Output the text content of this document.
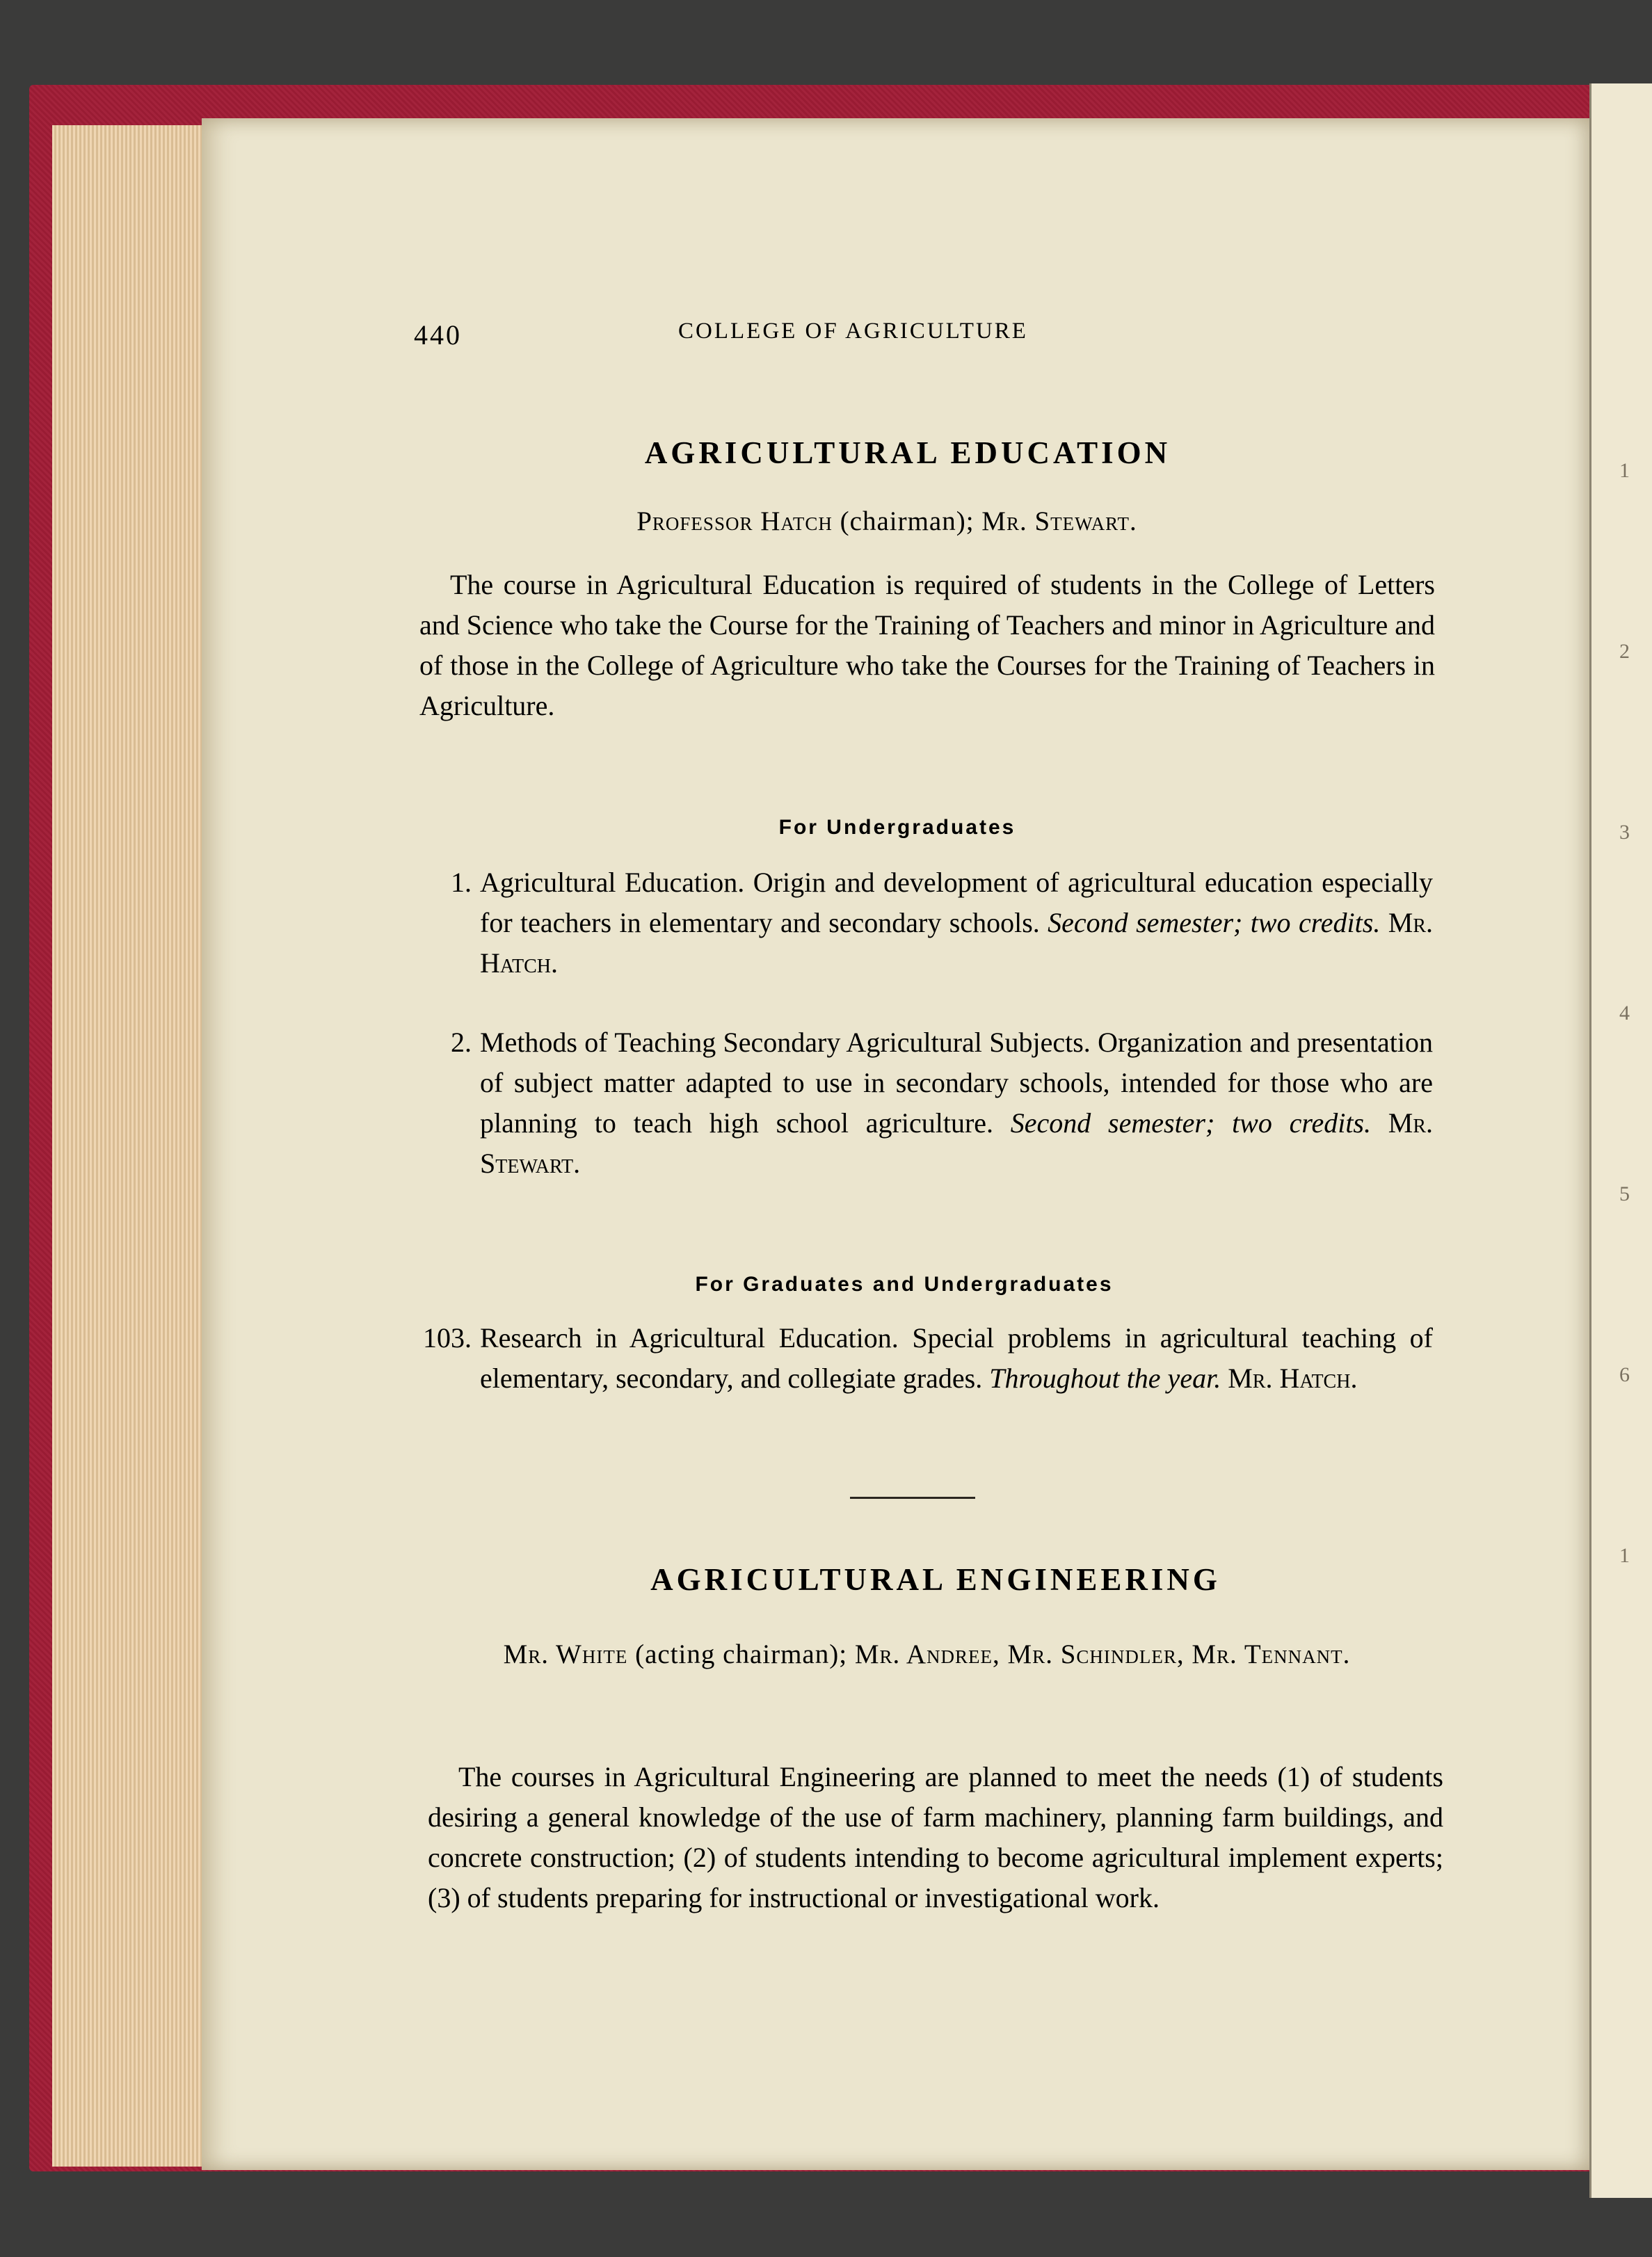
1
2
3
4
5
6
1
440	COLLEGE OF AGRICULTURE
AGRICULTURAL EDUCATION
Professor Hatch (chairman); Mr. Stewart.

The course in Agricultural Education is required of students in the College of Letters and Science who take the Course for the Training of Teachers and minor in Agriculture and of those in the College of Agriculture who take the Courses for the Training of Teachers in Agriculture.

For Undergraduates
1. Agricultural Education. Origin and development of agricultural education especially for teachers in elementary and secondary schools. Second semester; two credits. Mr. Hatch.
2. Methods of Teaching Secondary Agricultural Subjects. Organization and presentation of subject matter adapted to use in secondary schools, intended for those who are planning to teach high school agriculture. Second semester; two credits. Mr. Stewart.
For Graduates and Undergraduates
103. Research in Agricultural Education. Special problems in agricultural teaching of elementary, secondary, and collegiate grades. Throughout the year. Mr. Hatch.
AGRICULTURAL ENGINEERING
Mr. White (acting chairman); Mr. Andree, Mr. Schindler, Mr. Tennant.

The courses in Agricultural Engineering are planned to meet the needs (1) of students desiring a general knowledge of the use of farm machinery, planning farm buildings, and concrete construction; (2) of students intending to become agricultural implement experts; (3) of students preparing for instructional or investigational work.
